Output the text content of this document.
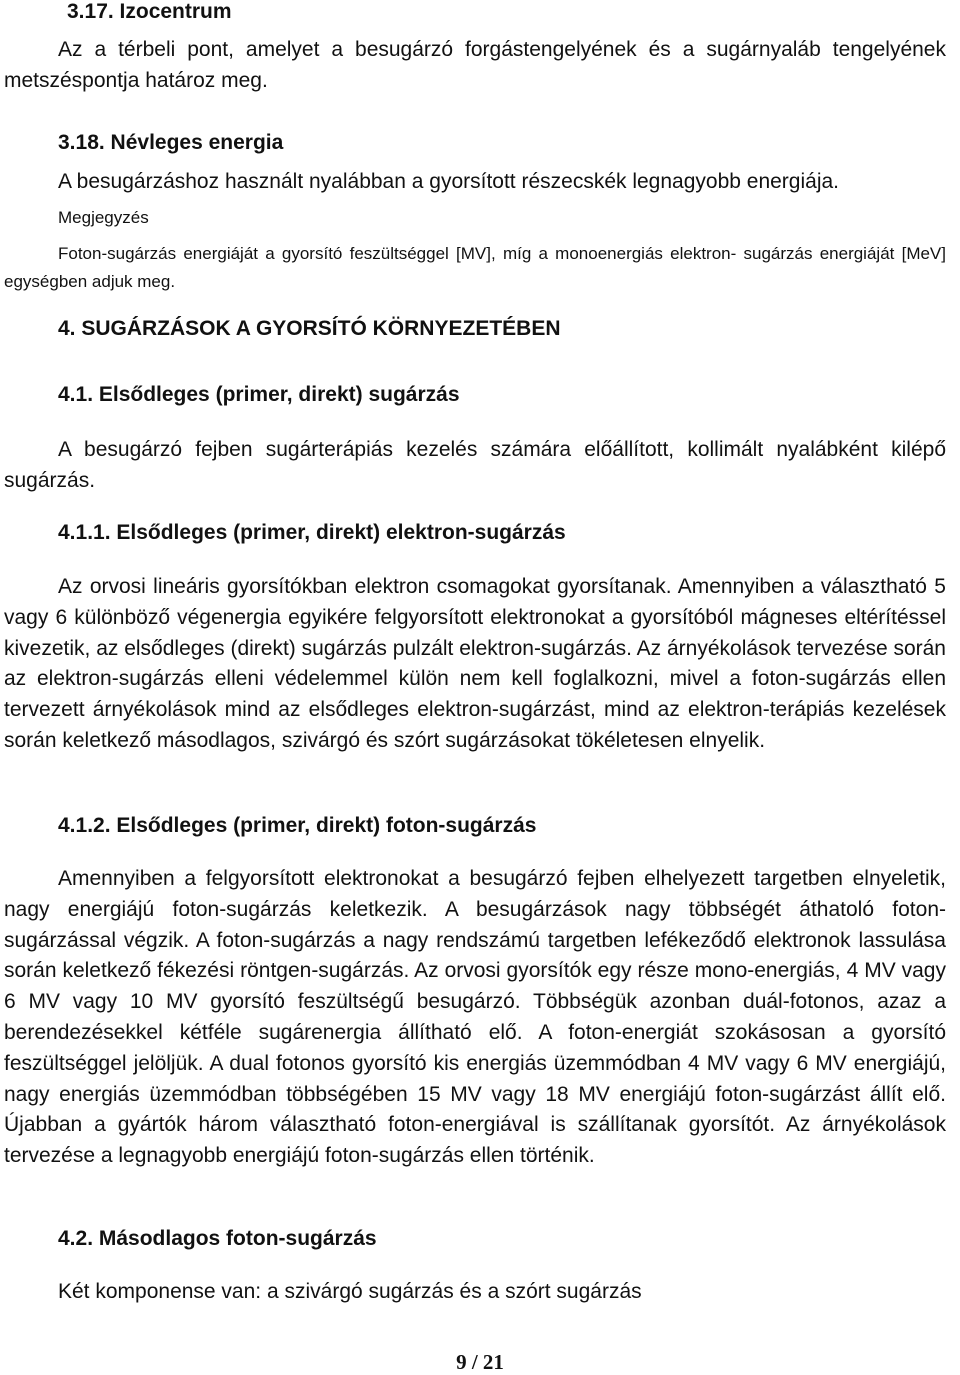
3.17. Izocentrum

Az a térbeli pont, amelyet a besugárzó forgástengelyének és a sugárnyaláb tengelyének metszéspontja határoz meg.

3.18. Névleges energia

A besugárzáshoz használt nyalábban a gyorsított részecskék legnagyobb energiája.

Megjegyzés

Foton-sugárzás energiáját a gyorsító feszültséggel [MV], míg a monoenergiás elektron- sugárzás energiáját [MeV] egységben adjuk meg.

4. SUGÁRZÁSOK A GYORSÍTÓ KÖRNYEZETÉBEN
4.1. Elsődleges (primer, direkt) sugárzás

A besugárzó fejben sugárterápiás kezelés számára előállított, kollimált nyalábként kilépő sugárzás.

4.1.1. Elsődleges (primer, direkt) elektron-sugárzás

Az orvosi lineáris gyorsítókban elektron csomagokat gyorsítanak. Amennyiben a választható 5 vagy 6 különböző végenergia egyikére felgyorsított elektronokat a gyorsítóból mágneses eltérítéssel kivezetik, az elsődleges (direkt) sugárzás pulzált elektron-sugárzás. Az árnyékolások tervezése során az elektron-sugárzás elleni védelemmel külön nem kell foglalkozni, mivel a foton-sugárzás ellen tervezett árnyékolások mind az elsődleges elektron-sugárzást, mind az elektron-terápiás kezelések során keletkező másodlagos, szivárgó és szórt sugárzásokat tökéletesen elnyelik.

4.1.2. Elsődleges (primer, direkt) foton-sugárzás

Amennyiben a felgyorsított elektronokat a besugárzó fejben elhelyezett targetben elnyeletik, nagy energiájú foton-sugárzás keletkezik. A besugárzások nagy többségét áthatoló foton-sugárzással végzik. A foton-sugárzás a nagy rendszámú targetben lefékeződő elektronok lassulása során keletkező fékezési röntgen-sugárzás. Az orvosi gyorsítók egy része mono-energiás, 4 MV vagy 6 MV vagy 10 MV gyorsító feszültségű besugárzó. Többségük azonban duál-fotonos, azaz a berendezésekkel kétféle sugárenergia állítható elő. A foton-energiát szokásosan a gyorsító feszültséggel jelöljük. A dual fotonos gyorsító kis energiás üzemmódban 4 MV vagy 6 MV energiájú, nagy energiás üzemmódban többségében 15 MV vagy 18 MV energiájú foton-sugárzást állít elő. Újabban a gyártók három választható foton-energiával is szállítanak gyorsítót. Az árnyékolások tervezése a legnagyobb energiájú foton-sugárzás ellen történik.

4.2. Másodlagos foton-sugárzás

Két komponense van: a szivárgó sugárzás és a szórt sugárzás

9 / 21
